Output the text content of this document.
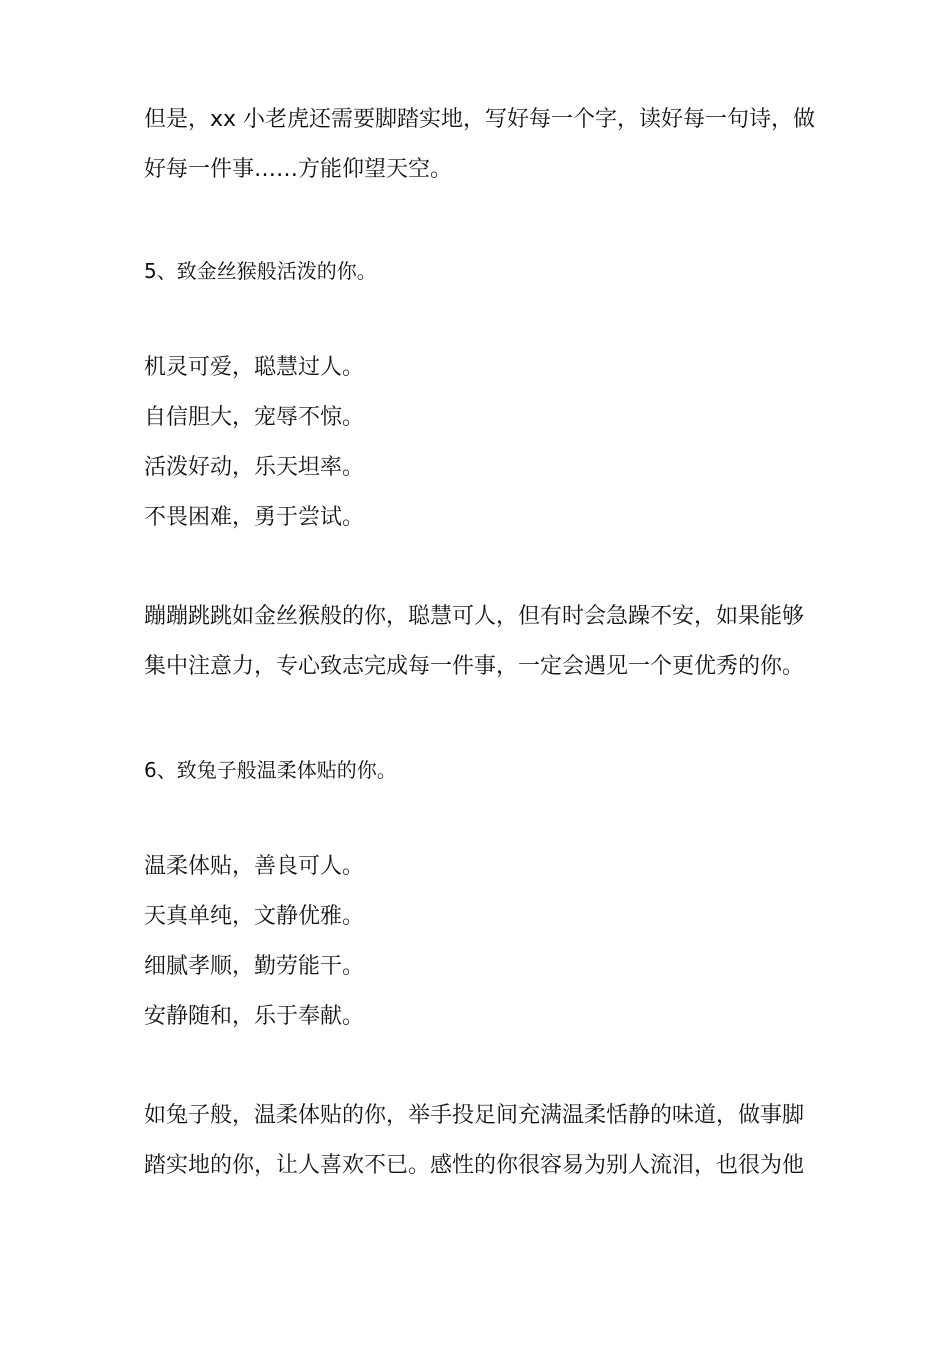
但是，xx 小老虎还需要脚踏实地，写好每一个字，读好每一句诗，做
好每一件事……方能仰望天空。
5、致金丝猴般活泼的你。
机灵可爱，聪慧过人。
自信胆大，宠辱不惊。
活泼好动，乐天坦率。
不畏困难，勇于尝试。
蹦蹦跳跳如金丝猴般的你，聪慧可人，但有时会急躁不安，如果能够
集中注意力，专心致志完成每一件事，一定会遇见一个更优秀的你。
6、致兔子般温柔体贴的你。
温柔体贴，善良可人。
天真单纯，文静优雅。
细腻孝顺，勤劳能干。
安静随和，乐于奉献。
如兔子般，温柔体贴的你，举手投足间充满温柔恬静的味道，做事脚
踏实地的你，让人喜欢不已。感性的你很容易为别人流泪，也很为他
